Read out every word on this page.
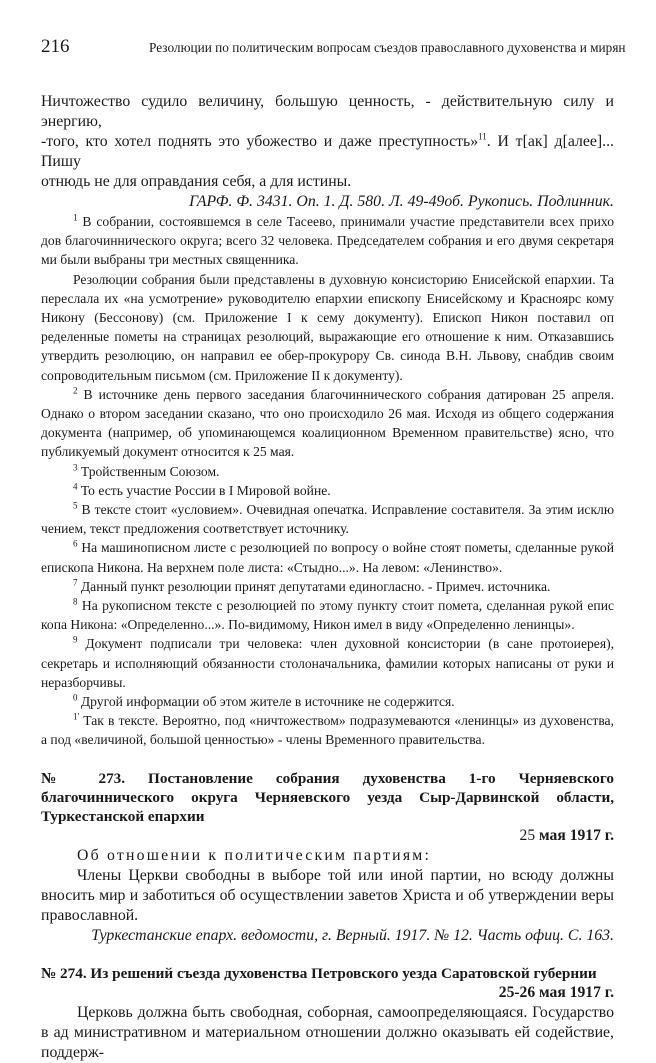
216	Резолюции по политическим вопросам съездов православного духовенства и мирян

Ничтожество судило величину, большую ценность, - действительную силу и энергию,
-того, кто хотел поднять это убожество и даже преступность»$^{11}$. И т[ак] д[алее]... Пишу
отнюдь не для оправдания себя, а для истины.

ГАРФ. Ф. 3431. Оп. 1. Д. 580. Л. 49-49об. Рукопись. Подлинник.

$^1$ В собрании, состоявшемся в селе Тасеево, принимали участие представители всех прихо дов благочиннического округа; всего 32 человека. Председателем собрания и его двумя секретаря ми были выбраны три местных священника.

Резолюции собрания были представлены в духовную консисторию Енисейской епархии. Та переслала их «на усмотрение» руководителю епархии епископу Енисейскому и Красноярс кому Никону (Бессонову) (см. Приложение I к сему документу). Епископ Никон поставил оп ределенные пометы на страницах резолюций, выражающие его отношение к ним. Отказавшись утвердить резолюцию, он направил ее обер-прокурору Св. синода В.Н. Львову, снабдив своим сопроводительным письмом (см. Приложение II к документу).

$^2$ В источнике день первого заседания благочиннического собрания датирован 25 апреля. Однако о втором заседании сказано, что оно происходило 26 мая. Исходя из общего содержания документа (например, об упоминающемся коалиционном Временном правительстве) ясно, что публикуемый документ относится к 25 мая.

$^3$ Тройственным Союзом.

$^4$ То есть участие России в I Мировой войне.

$^5$ В тексте стоит «условием». Очевидная опечатка. Исправление составителя. За этим исклю чением, текст предложения соответствует источнику.

$^6$ На машинописном листе с резолюцией по вопросу о войне стоят пометы, сделанные рукой епископа Никона. На верхнем поле листа: «Стыдно...». На левом: «Ленинство».

$^7$ Данный пункт резолюции принят депутатами единогласно. - Примеч. источника.

$^8$ На рукописном тексте с резолюцией по этому пункту стоит помета, сделанная рукой епис копа Никона: «Определенно...». По-видимому, Никон имел в виду «Определенно ленинцы».

$^9$ Документ подписали три человека: член духовной консистории (в сане протоиерея), секретарь и исполняющий обязанности столоначальника, фамилии которых написаны от руки и неразборчивы.

$^0$ Другой информации об этом жителе в источнике не содержится.

$^{1'}$ Так в тексте. Вероятно, под «ничтожеством» подразумеваются «ленинцы» из духовенства, а под «величиной, большой ценностью» - члены Временного правительства.

№ 273. Постановление собрания духовенства 1-го Черняевского благочиннического округа Черняевского уезда Сыр-Дарвинской области, Туркестанской епархии

25 мая 1917 г.

Об отношении к политическим партиям:

Члены Церкви свободны в выборе той или иной партии, но всюду должны вносить мир и заботиться об осуществлении заветов Христа и об утверждении веры православной.

Туркестанские епарх. ведомости, г. Верный. 1917. № 12. Часть офиц. С. 163.

№ 274. Из решений съезда духовенства Петровского уезда Саратовской губернии

25-26 мая 1917 г.

Церковь должна быть свободная, соборная, самоопределяющаяся. Государство в ад министративном и материальном отношении должно оказывать ей содействие, поддерж-
